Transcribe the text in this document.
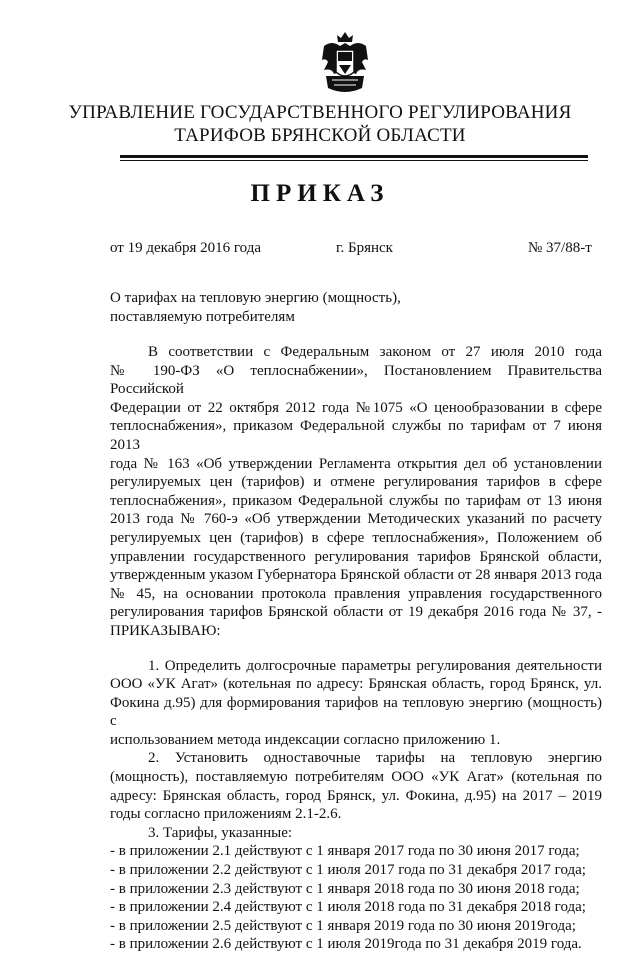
УПРАВЛЕНИЕ ГОСУДАРСТВЕННОГО РЕГУЛИРОВАНИЯ
ТАРИФОВ БРЯНСКОЙ ОБЛАСТИ
ПРИКАЗ
от 19 декабря 2016 года	г. Брянск	№ 37/88-т
О тарифах на тепловую энергию (мощность),
поставляемую потребителям
В соответствии с Федеральным законом от 27 июля 2010 года
№ 190-ФЗ «О теплоснабжении», Постановлением Правительства Российской
Федерации от 22 октября 2012 года №1075 «О ценообразовании в сфере
теплоснабжения», приказом Федеральной службы по тарифам от 7 июня 2013
года № 163 «Об утверждении Регламента открытия дел об установлении
регулируемых цен (тарифов) и отмене регулирования тарифов в сфере
теплоснабжения», приказом Федеральной службы по тарифам от 13 июня
2013 года № 760-э «Об утверждении Методических указаний по расчету
регулируемых цен (тарифов) в сфере теплоснабжения», Положением об
управлении государственного регулирования тарифов Брянской области,
утвержденным указом Губернатора Брянской области от 28 января 2013 года
№ 45, на основании протокола правления управления государственного
регулирования тарифов Брянской области от 19 декабря 2016 года № 37, -
ПРИКАЗЫВАЮ:
1. Определить долгосрочные параметры регулирования деятельности
ООО «УК Агат» (котельная по адресу: Брянская область, город Брянск, ул.
Фокина д.95) для формирования тарифов на тепловую энергию (мощность) с
использованием метода индексации согласно приложению 1.
2. Установить одноставочные тарифы на тепловую энергию
(мощность), поставляемую потребителям ООО «УК Агат» (котельная по
адресу: Брянская область, город Брянск, ул. Фокина, д.95) на 2017 – 2019
годы согласно приложениям 2.1-2.6.
3. Тарифы, указанные:
- в приложении 2.1 действуют с 1 января 2017 года по 30 июня 2017 года;
- в приложении 2.2 действуют с 1 июля 2017 года по 31 декабря 2017 года;
- в приложении 2.3 действуют с 1 января 2018 года по 30 июня 2018 года;
- в приложении 2.4 действуют с 1 июля 2018 года по 31 декабря 2018 года;
- в приложении 2.5 действуют с 1 января 2019 года по 30 июня 2019года;
- в приложении 2.6 действуют с 1 июля 2019года по 31 декабря 2019 года.
